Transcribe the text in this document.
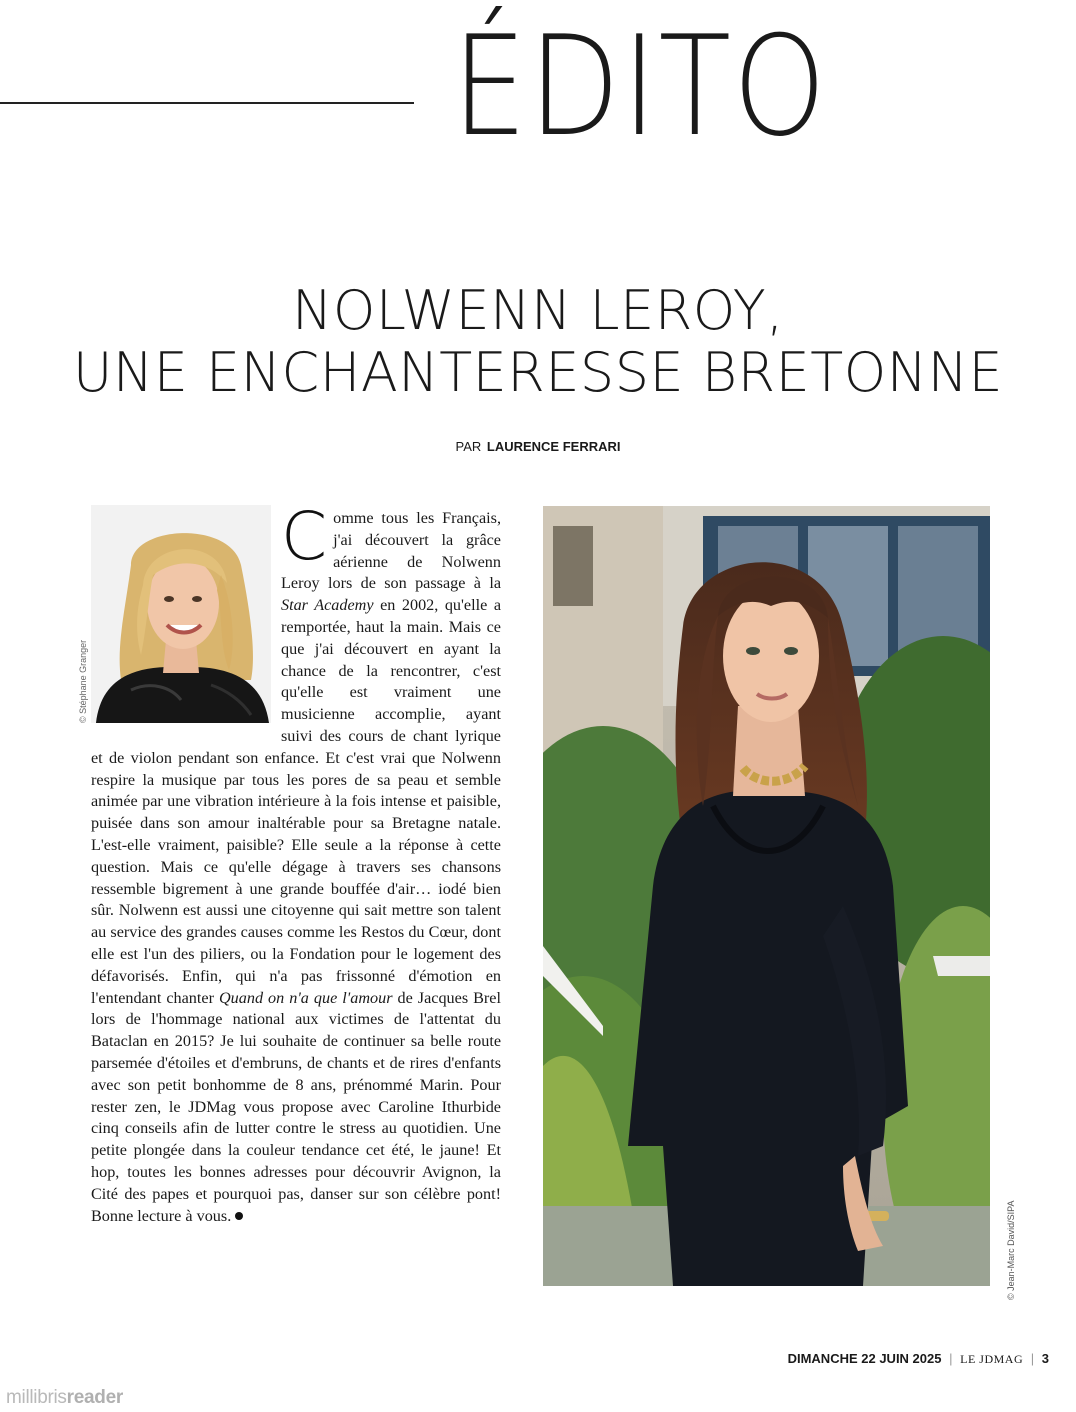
ÉDITO
NOLWENN LEROY,
UNE ENCHANTERESSE BRETONNE
PAR LAURENCE FERRARI
© Stéphane Granger
Comme tous les Français, j'ai découvert la grâce aérienne de Nolwenn Leroy lors de son passage à la Star Academy en 2002, qu'elle a remportée, haut la main. Mais ce que j'ai découvert en ayant la chance de la rencontrer, c'est qu'elle est vraiment une musicienne accomplie, ayant suivi des cours de chant lyrique et de violon pendant son enfance. Et c'est vrai que Nolwenn respire la musique par tous les pores de sa peau et semble animée par une vibration intérieure à la fois intense et paisible, puisée dans son amour inaltérable pour sa Bretagne natale. L'est-elle vraiment, paisible? Elle seule a la réponse à cette question. Mais ce qu'elle dégage à travers ses chansons ressemble bigrement à une grande bouffée d'air… iodé bien sûr. Nolwenn est aussi une citoyenne qui sait mettre son talent au service des grandes causes comme les Restos du Cœur, dont elle est l'un des piliers, ou la Fondation pour le logement des défavorisés. Enfin, qui n'a pas frissonné d'émotion en l'entendant chanter Quand on n'a que l'amour de Jacques Brel lors de l'hommage national aux victimes de l'attentat du Bataclan en 2015? Je lui souhaite de continuer sa belle route parsemée d'étoiles et d'embruns, de chants et de rires d'enfants avec son petit bonhomme de 8 ans, prénommé Marin. Pour rester zen, le JDMag vous propose avec Caroline Ithurbide cinq conseils afin de lutter contre le stress au quotidien. Une petite plongée dans la couleur tendance cet été, le jaune! Et hop, toutes les bonnes adresses pour découvrir Avignon, la Cité des papes et pourquoi pas, danser sur son célèbre pont! Bonne lecture à vous.	© Jean-Marc David/SIPA
DIMANCHE 22 JUIN 2025 | LE JDMAG | 3
millibrisreader
